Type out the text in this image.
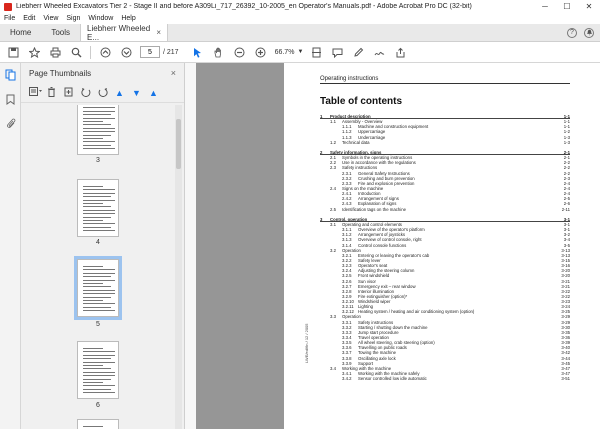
Liebherr Wheeled Excavators Tier 2 - Stage II and before A309Li_717_26392_10-2005_en Operator's Manuals.pdf - Adobe Acrobat Pro DC (32-bit)	─	☐	✕
File Edit View Sign Window Help
Home	Tools	Liebherr Wheeled E...	×	?
5
/ 217	66.7% ▼
Page Thumbnails	×
▲ ▼ ▲
3
4
5
6
Operating instructions
Table of contents
1 Product description	1-1
1.1 Assembly - Overview	1-1
1.1.1 Machine and construction equipment	1-1
1.1.2 Uppercarriage	1-2
1.1.3 Undercarriage	1-3
1.2 Technical data	1-3
2 Safety information, signs	2-1
2.1 Symbols in the operating instructions	2-1
2.2 Use in accordance with the regulations	2-2
2.3 Safety instructions	2-2
2.3.1 General Safety Instructions	2-2
2.3.2 Crushing and burn prevention	2-3
2.3.3 Fire and explosion prevention	2-4
2.4 Signs on the machine	2-4
2.4.1 Introduction	2-4
2.4.2 Arrangement of signs	2-5
2.4.3 Explanation of signs	2-6
2.5 Identification tags on the machine	2-11
3 Control, operation	3-1
3.1 Operating and control elements	3-1
3.1.1 Overview of the operator's platform	3-1
3.1.2 Arrangement of joysticks	3-2
3.1.3 Overview of control console, right	3-4
3.1.4 Control console functions	3-5
3.2 Operation	3-13
3.2.1 Entering or leaving the operator's cab	3-13
3.2.2 Safety lever	3-15
3.2.3 Operator's seat	3-16
3.2.4 Adjusting the steering column	3-20
3.2.5 Front windshield	3-20
3.2.6 Sun visor	3-21
3.2.7 Emergency exit – rear window	3-21
3.2.8 Interior illumination	3-22
3.2.9 Fire extinguisher (option)*	3-22
3.2.10 Windshield wiper	3-23
3.2.11 Lighting	3-24
3.2.12 Heating system / heating and air conditioning system (option)	3-25
3.3 Operation	3-29
3.3.1 Safety instructions	3-29
3.3.2 Starting / shutting down the machine	3-30
3.3.3 Jump start procedure	3-35
3.3.4 Travel operation	3-36
3.3.5 All wheel steering, crab steering (option)	3-39
3.3.6 Travelling on public roads	3-40
3.3.7 Towing the machine	3-42
3.3.8 Oscillating axle lock	3-44
3.3.9 Support	3-45
3.4 Working with the machine	3-47
3.4.1 Working with the machine safely	3-47
3.4.2 Sensor controlled low idle automatic	3-51
LWE/ed/6n / 12 / 2005
